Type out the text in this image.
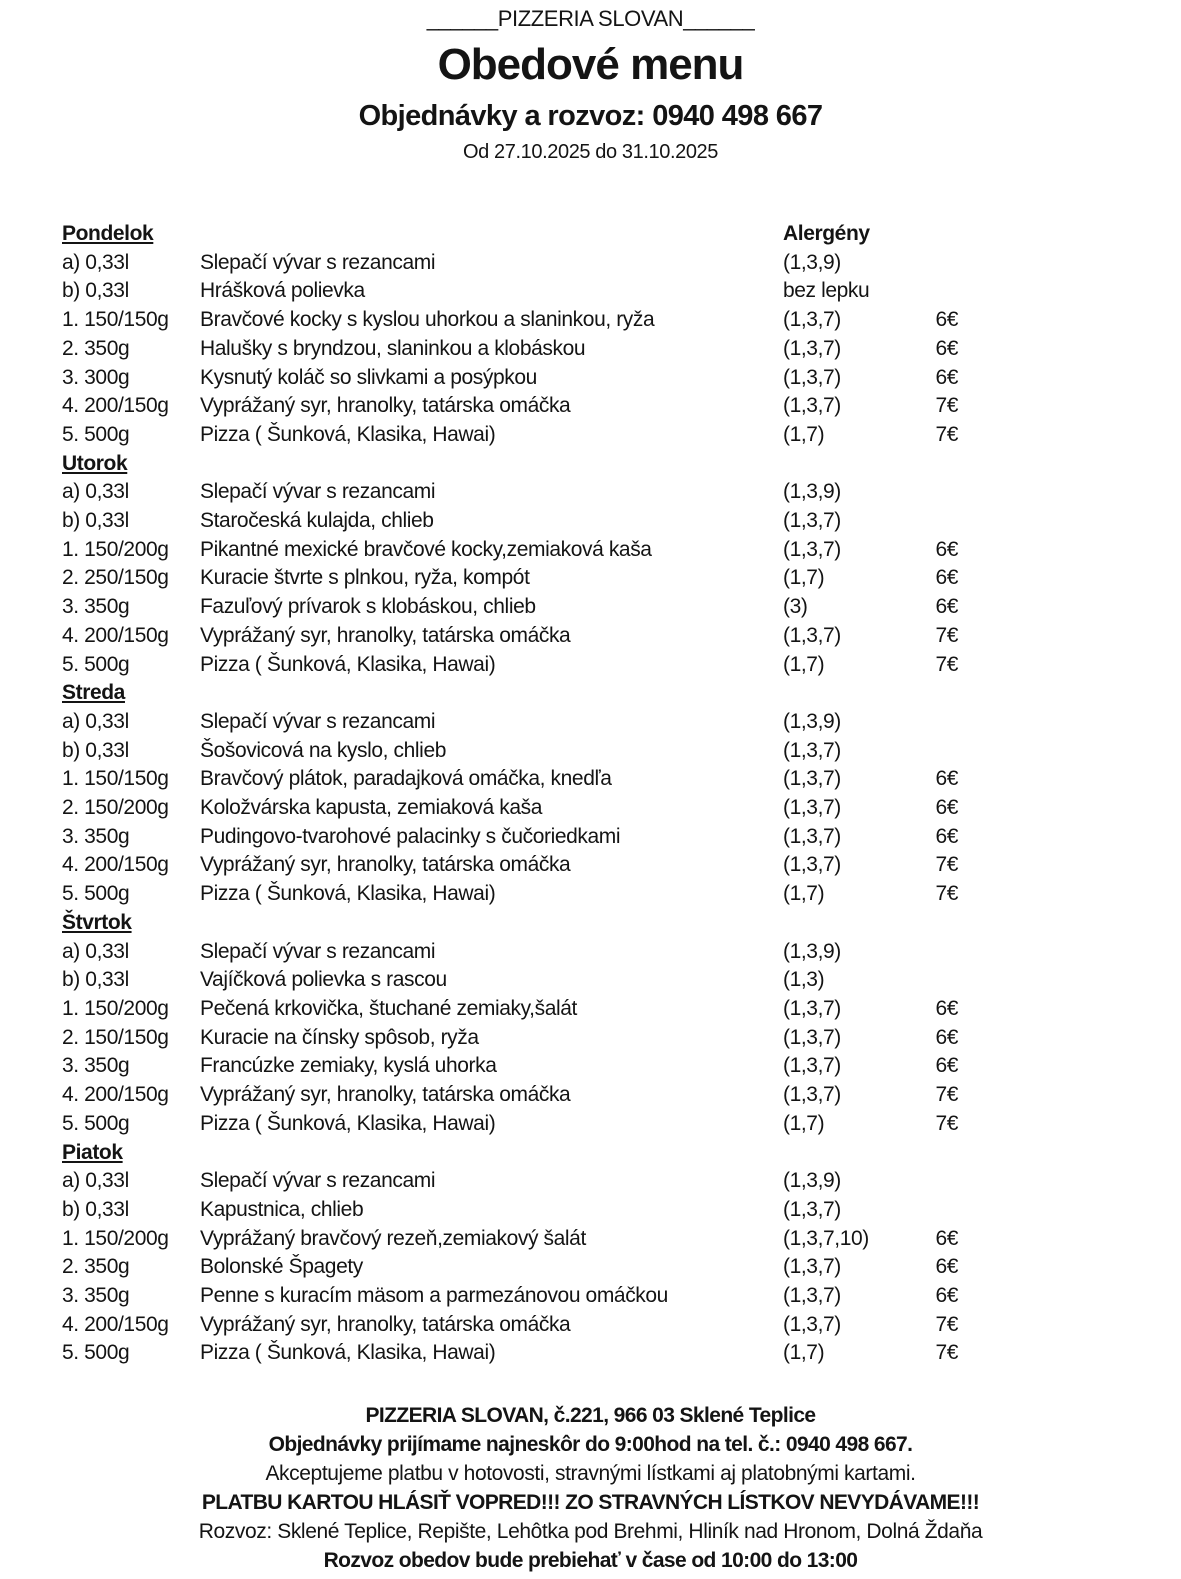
______PIZZERIA SLOVAN______
Obedové menu
Objednávky a rozvoz: 0940 498 667
Od 27.10.2025 do 31.10.2025
Pondelok	Alergény
a) 0,33l	Slepačí vývar s rezancami	(1,3,9)
b) 0,33l	Hrášková polievka	bez lepku
1. 150/150g	Bravčové kocky s kyslou uhorkou a slaninkou, ryža	(1,3,7)	6€
2. 350g	Halušky s bryndzou, slaninkou a klobáskou	(1,3,7)	6€
3. 300g	Kysnutý koláč so slivkami a posýpkou	(1,3,7)	6€
4. 200/150g	Vyprážaný syr, hranolky, tatárska omáčka	(1,3,7)	7€
5. 500g	Pizza ( Šunková, Klasika, Hawai)	(1,7)	7€
Utorok
a) 0,33l	Slepačí vývar s rezancami	(1,3,9)
b) 0,33l	Staročeská kulajda, chlieb	(1,3,7)
1. 150/200g	Pikantné mexické bravčové kocky,zemiaková kaša	(1,3,7)	6€
2. 250/150g	Kuracie štvrte s plnkou, ryža, kompót	(1,7)	6€
3. 350g	Fazuľový prívarok s klobáskou, chlieb	(3)	6€
4. 200/150g	Vyprážaný syr, hranolky, tatárska omáčka	(1,3,7)	7€
5. 500g	Pizza ( Šunková, Klasika, Hawai)	(1,7)	7€
Streda
a) 0,33l	Slepačí vývar s rezancami	(1,3,9)
b) 0,33l	Šošovicová na kyslo, chlieb	(1,3,7)
1. 150/150g	Bravčový plátok, paradajková omáčka, knedľa	(1,3,7)	6€
2. 150/200g	Koložvárska kapusta, zemiaková kaša	(1,3,7)	6€
3. 350g	Pudingovo-tvarohové palacinky s čučoriedkami	(1,3,7)	6€
4. 200/150g	Vyprážaný syr, hranolky, tatárska omáčka	(1,3,7)	7€
5. 500g	Pizza ( Šunková, Klasika, Hawai)	(1,7)	7€
Štvrtok
a) 0,33l	Slepačí vývar s rezancami	(1,3,9)
b) 0,33l	Vajíčková polievka s rascou	(1,3)
1. 150/200g	Pečená krkovička, štuchané zemiaky,šalát	(1,3,7)	6€
2. 150/150g	Kuracie na čínsky spôsob, ryža	(1,3,7)	6€
3. 350g	Francúzke zemiaky, kyslá uhorka	(1,3,7)	6€
4. 200/150g	Vyprážaný syr, hranolky, tatárska omáčka	(1,3,7)	7€
5. 500g	Pizza ( Šunková, Klasika, Hawai)	(1,7)	7€
Piatok
a) 0,33l	Slepačí vývar s rezancami	(1,3,9)
b) 0,33l	Kapustnica, chlieb	(1,3,7)
1. 150/200g	Vyprážaný bravčový rezeň,zemiakový šalát	(1,3,7,10)	6€
2. 350g	Bolonské Špagety	(1,3,7)	6€
3. 350g	Penne s kuracím mäsom a parmezánovou omáčkou	(1,3,7)	6€
4. 200/150g	Vyprážaný syr, hranolky, tatárska omáčka	(1,3,7)	7€
5. 500g	Pizza ( Šunková, Klasika, Hawai)	(1,7)	7€
PIZZERIA SLOVAN, č.221, 966 03 Sklené Teplice
Objednávky prijímame najneskôr do 9:00hod na tel. č.: 0940 498 667.
Akceptujeme platbu v hotovosti, stravnými lístkami aj platobnými kartami.
PLATBU KARTOU HLÁSIŤ VOPRED!!! ZO STRAVNÝCH LÍSTKOV NEVYDÁVAME!!!
Rozvoz: Sklené Teplice, Repište, Lehôtka pod Brehmi, Hliník nad Hronom, Dolná Ždaňa
Rozvoz obedov bude prebiehať v čase od 10:00 do 13:00
